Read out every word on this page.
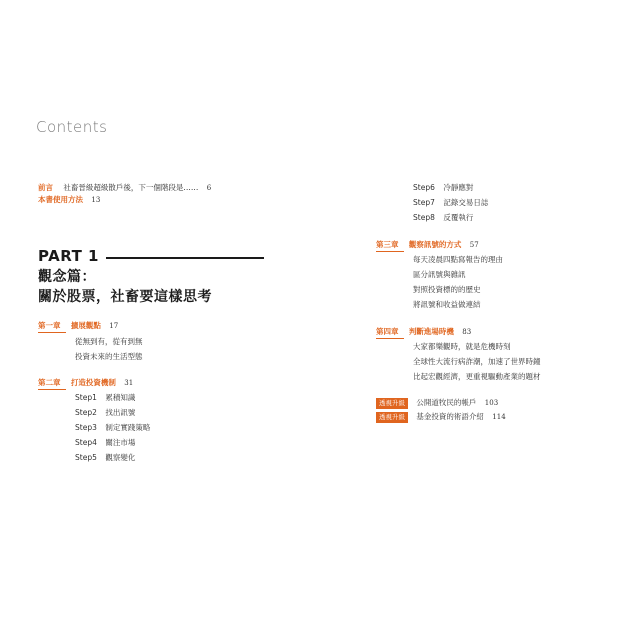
Contents
前言 社畜晉級超級散戶後，下一個階段是…… 6
本書使用方法 13
PART 1
觀念篇：
關於股票，社畜要這樣思考
第一章 擴展觀點 17
從無到有，從有到無
投資未來的生活型態
第二章 打造投資機制 31
Step1 累積知識
Step2 找出訊號
Step3 制定實踐策略
Step4 關注市場
Step5 觀察變化
Step6 冷靜應對
Step7 記錄交易日誌
Step8 反覆執行
第三章 觀察訊號的方式 57
每天凌晨四點寫報告的理由
區分訊號與雜訊
對照投資標的的歷史
將訊號和收益做連結
第四章 判斷進場時機 83
大家都樂觀時，就是危機時刻
全球性大流行病詐潮，加速了世界時鐘
比起宏觀經濟，更重視驅動產業的題材
透視升級 公開道牧民的帳戶 103
透視升級 基金投資的術語介紹 114
